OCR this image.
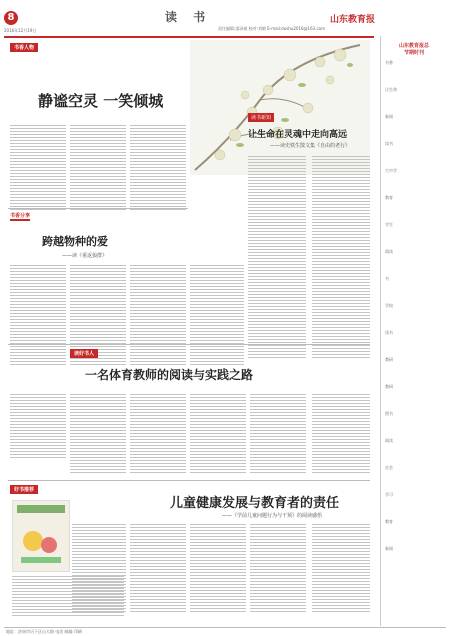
8
2016年12月19日
读 书
责任编辑:邵泽斌 校对:刘敏 E-mail:dushu2016@163.com
山东教育报
书香人物
静谧空灵 一笑倾城
读书新知
让生命在灵魂中走向高远
——读史铁生散文集《自由的老行》
书香分享
跨越物种的爱
——读《重返狼群》
读好书人
一名体育教师的阅读与实践之路
好书推荐
儿童健康发展与教育者的责任
——《学前儿童问题行为与干预》的阅读感悟
山东教育报总
节期时刊
书香
让生命
新闻
读书
大中学
教育
学生
阅读
书
学校
读书
教研
教研
图书
阅读
社会
学习
教育
新闻
地址：济南市历下区山大路 电话 邮编 印刷
